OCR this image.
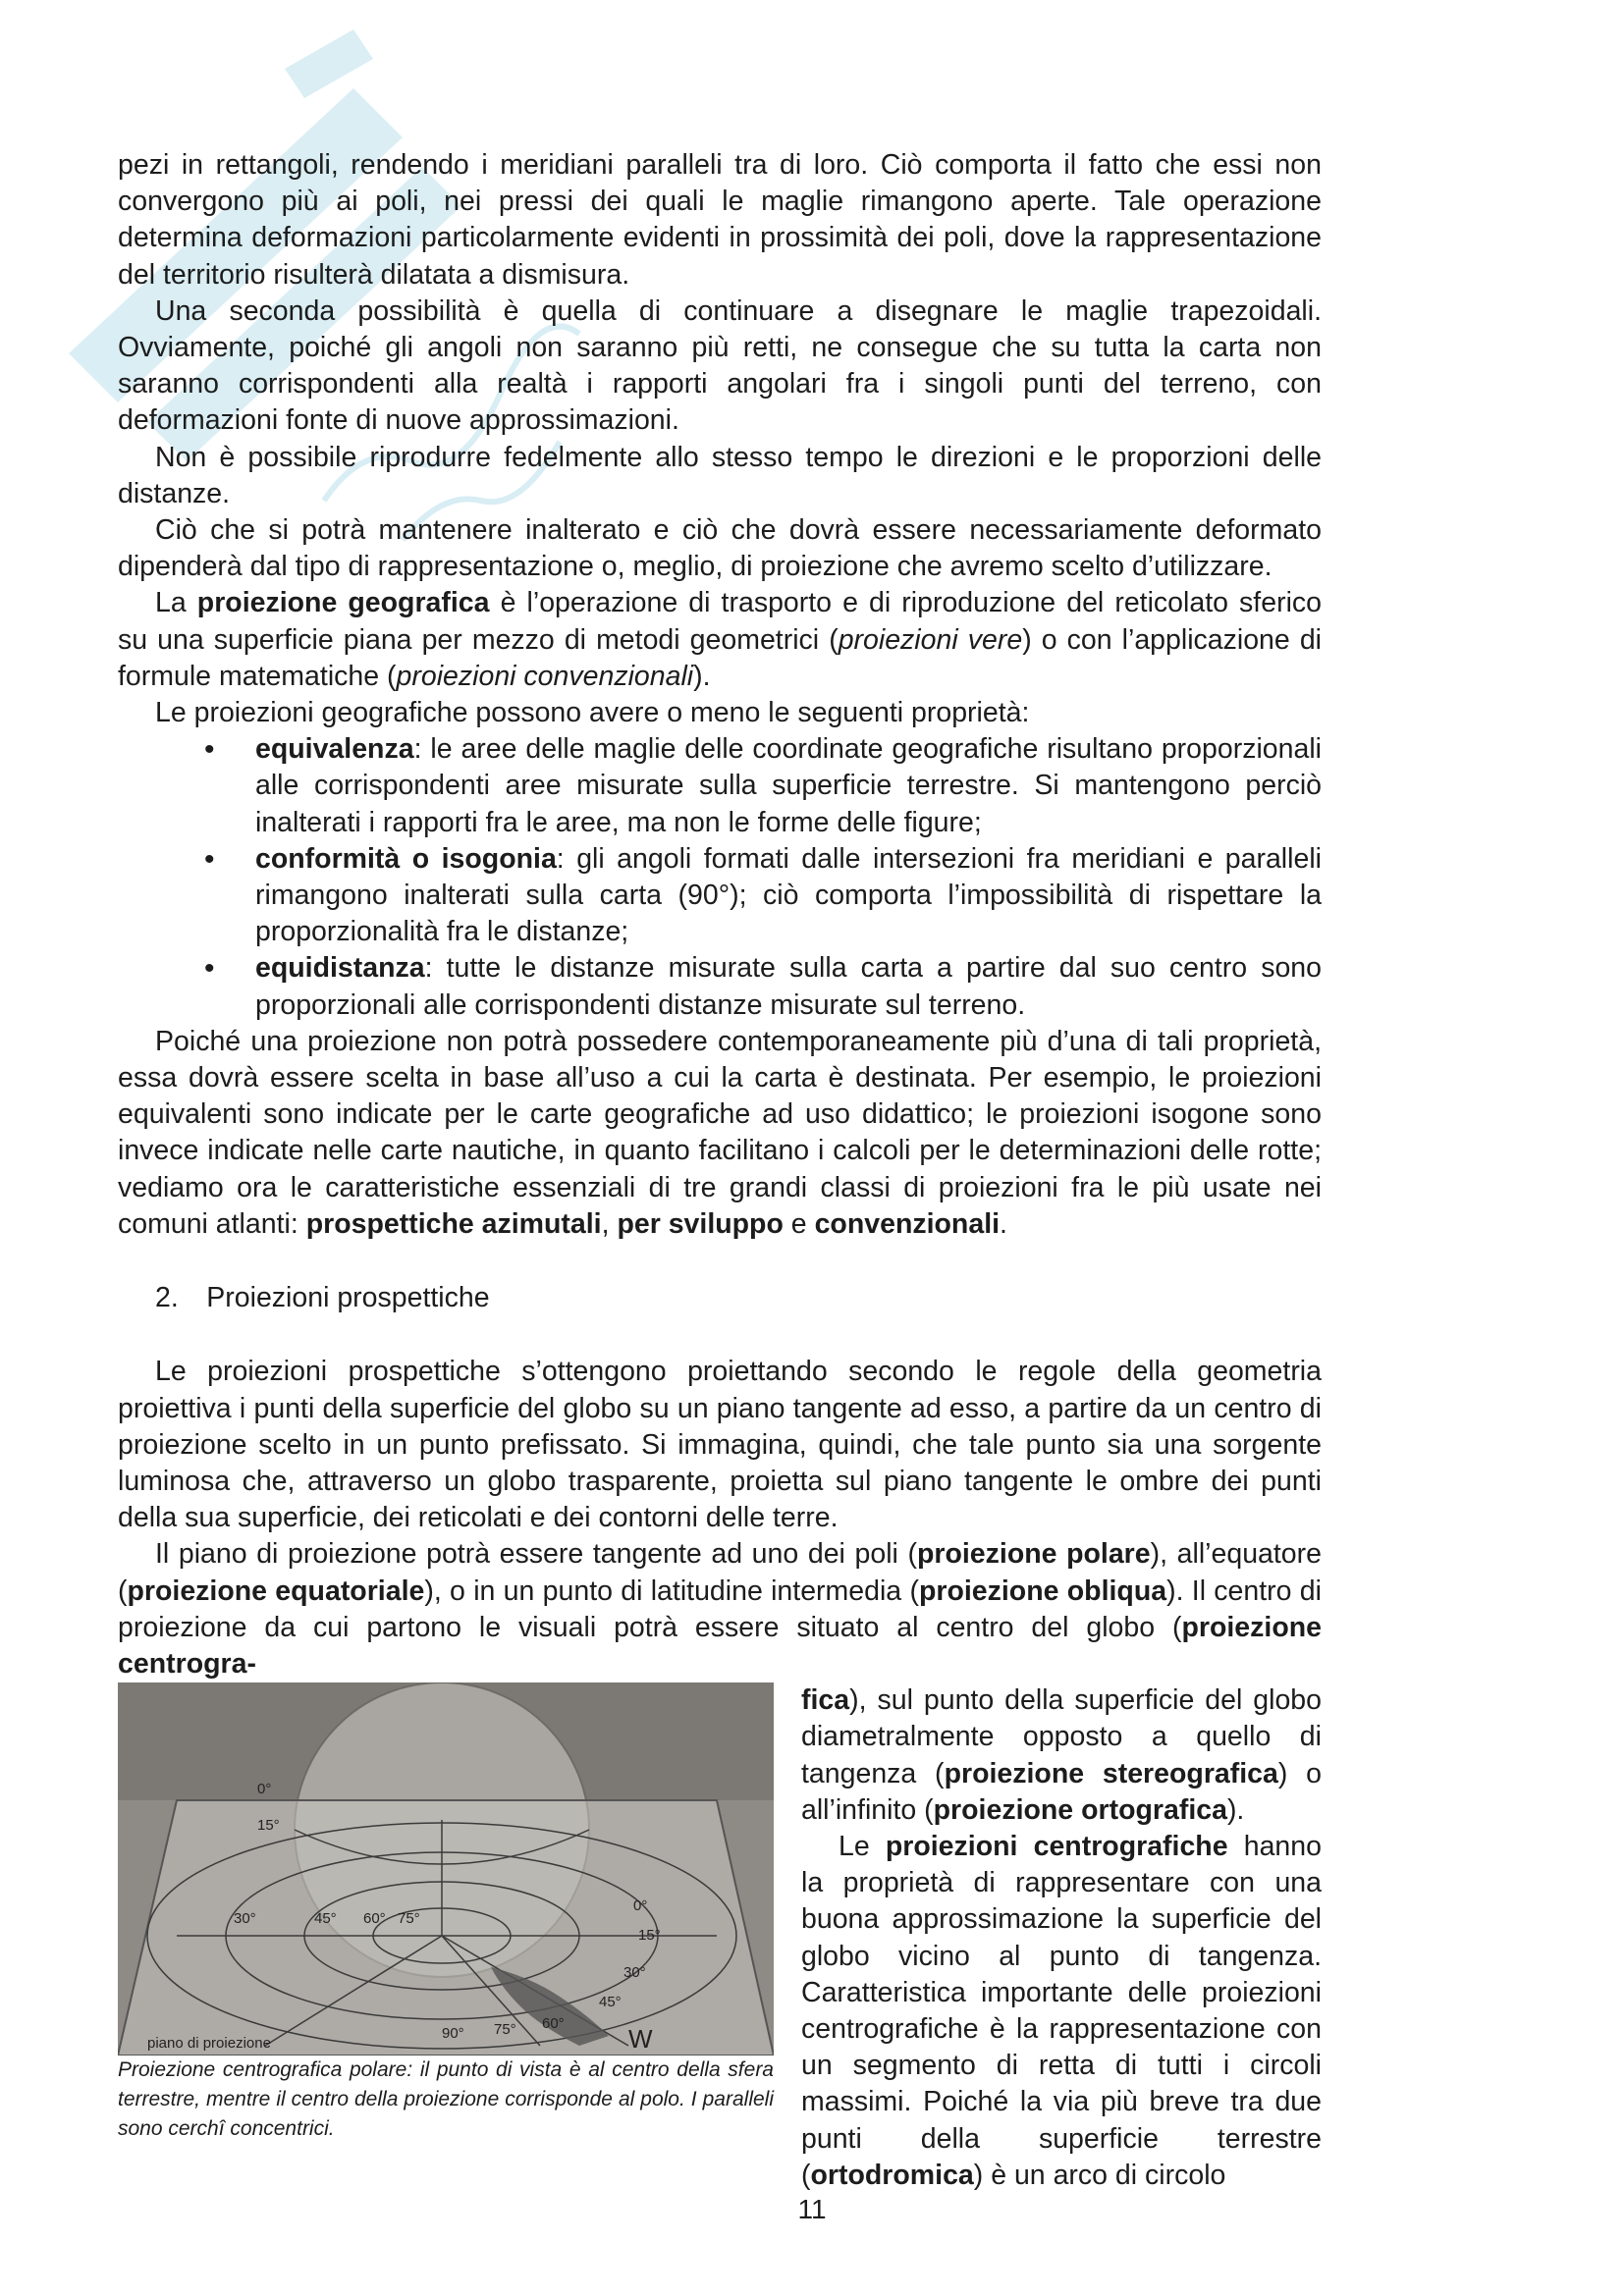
pezi in rettangoli, rendendo i meridiani paralleli tra di loro. Ciò comporta il fatto che essi non convergono più ai poli, nei pressi dei quali le maglie rimangono aperte. Tale operazione determina deformazioni particolarmente evidenti in prossimità dei poli, dove la rappresentazione del territorio risulterà dilatata a dismisura.

Una seconda possibilità è quella di continuare a disegnare le maglie trapezoidali. Ovviamente, poiché gli angoli non saranno più retti, ne consegue che su tutta la carta non saranno corrispondenti alla realtà i rapporti angolari fra i singoli punti del terreno, con deformazioni fonte di nuove approssimazioni.

Non è possibile riprodurre fedelmente allo stesso tempo le direzioni e le proporzioni delle distanze.

Ciò che si potrà mantenere inalterato e ciò che dovrà essere necessariamente deformato dipenderà dal tipo di rappresentazione o, meglio, di proiezione che avremo scelto d’utilizzare.

La proiezione geografica è l’operazione di trasporto e di riproduzione del reticolato sferico su una superficie piana per mezzo di metodi geometrici (proiezioni vere) o con l’applicazione di formule matematiche (proiezioni convenzionali).

Le proiezioni geografiche possono avere o meno le seguenti proprietà:

• equivalenza: le aree delle maglie delle coordinate geografiche risultano proporzionali alle corrispondenti aree misurate sulla superficie terrestre. Si mantengono perciò inalterati i rapporti fra le aree, ma non le forme delle figure;
• conformità o isogonia: gli angoli formati dalle intersezioni fra meridiani e paralleli rimangono inalterati sulla carta (90°); ciò comporta l’impossibilità di rispettare la proporzionalità fra le distanze;
• equidistanza: tutte le distanze misurate sulla carta a partire dal suo centro sono proporzionali alle corrispondenti distanze misurate sul terreno.

Poiché una proiezione non potrà possedere contemporaneamente più d’una di tali proprietà, essa dovrà essere scelta in base all’uso a cui la carta è destinata. Per esempio, le proiezioni equivalenti sono indicate per le carte geografiche ad uso didattico; le proiezioni isogone sono invece indicate nelle carte nautiche, in quanto facilitano i calcoli per le determinazioni delle rotte; vediamo ora le caratteristiche essenziali di tre grandi classi di proiezioni fra le più usate nei comuni atlanti: prospettiche azimutali, per sviluppo e convenzionali.

2. Proiezioni prospettiche

Le proiezioni prospettiche s’ottengono proiettando secondo le regole della geometria proiettiva i punti della superficie del globo su un piano tangente ad esso, a partire da un centro di proiezione scelto in un punto prefissato. Si immagina, quindi, che tale punto sia una sorgente luminosa che, attraverso un globo trasparente, proietta sul piano tangente le ombre dei punti della sua superficie, dei reticolati e dei contorni delle terre.

Il piano di proiezione potrà essere tangente ad uno dei poli (proiezione polare), all’equatore (proiezione equatoriale), o in un punto di latitudine intermedia (proiezione obliqua). Il centro di proiezione da cui partono le visuali potrà essere situato al centro del globo (proiezione centrogra-

0°
15°
30°	45° 60° 75°
0°
15°
30°
45°
90° 75° 60°
piano di proiezione	W

Proiezione centrografica polare: il punto di vista è al centro della sfera terrestre, mentre il centro della proiezione corrisponde al polo. I paralleli sono cerchî concentrici.

fica), sul punto della superficie del globo diametralmente opposto a quello di tangenza (proiezione stereografica) o all’infinito (proiezione ortografica).

Le proiezioni centrografiche hanno la proprietà di rappresentare con una buona approssimazione la superficie del globo vicino al punto di tangenza. Caratteristica importante delle proiezioni centrografiche è la rappresentazione con un segmento di retta di tutti i circoli massimi. Poiché la via più breve tra due punti della superficie terrestre (ortodromica) è un arco di circolo

11
